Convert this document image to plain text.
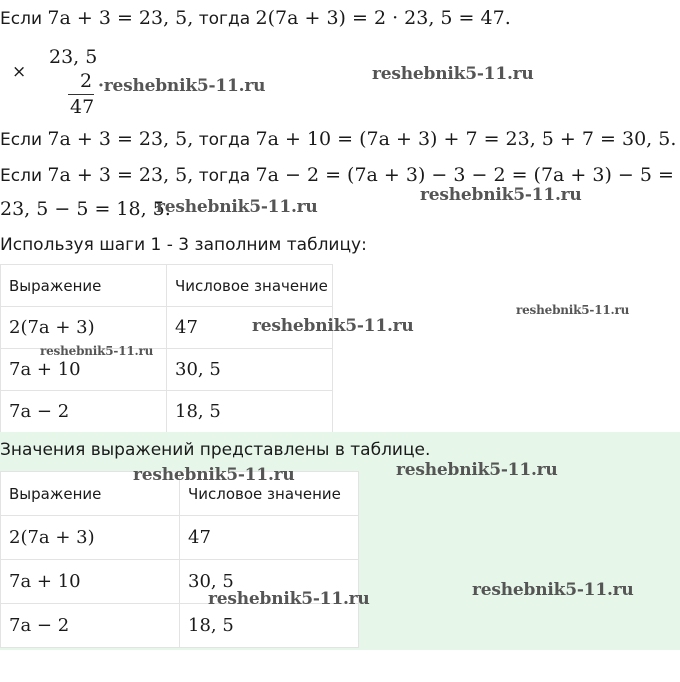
Если 7a + 3 = 23, 5, тогда 2(7a + 3) = 2 · 23, 5 = 47.
×
23, 5
2
47
Если 7a + 3 = 23, 5, тогда 7a + 10 = (7a + 3) + 7 = 23, 5 + 7 = 30, 5.
Если 7a + 3 = 23, 5, тогда 7a − 2 = (7a + 3) − 3 − 2 = (7a + 3) − 5 =
23, 5 − 5 = 18, 5.
Используя шаги 1 - 3 заполним таблицу:
Выражение	Числовое значение
2(7a + 3)	47
7a + 10	30, 5
7a − 2	18, 5
Значения выражений представлены в таблице.
Выражение	Числовое значение
2(7a + 3)	47
7a + 10	30, 5
7a − 2	18, 5
·reshebnik5-11.ru
reshebnik5-11.ru
reshebnik5-11.ru
reshebnik5-11.ru
reshebnik5-11.ru
reshebnik5-11.ru
reshebnik5-11.ru
reshebnik5-11.ru	reshebnik5-11.ru
reshebnik5-11.ru
reshebnik5-11.ru
